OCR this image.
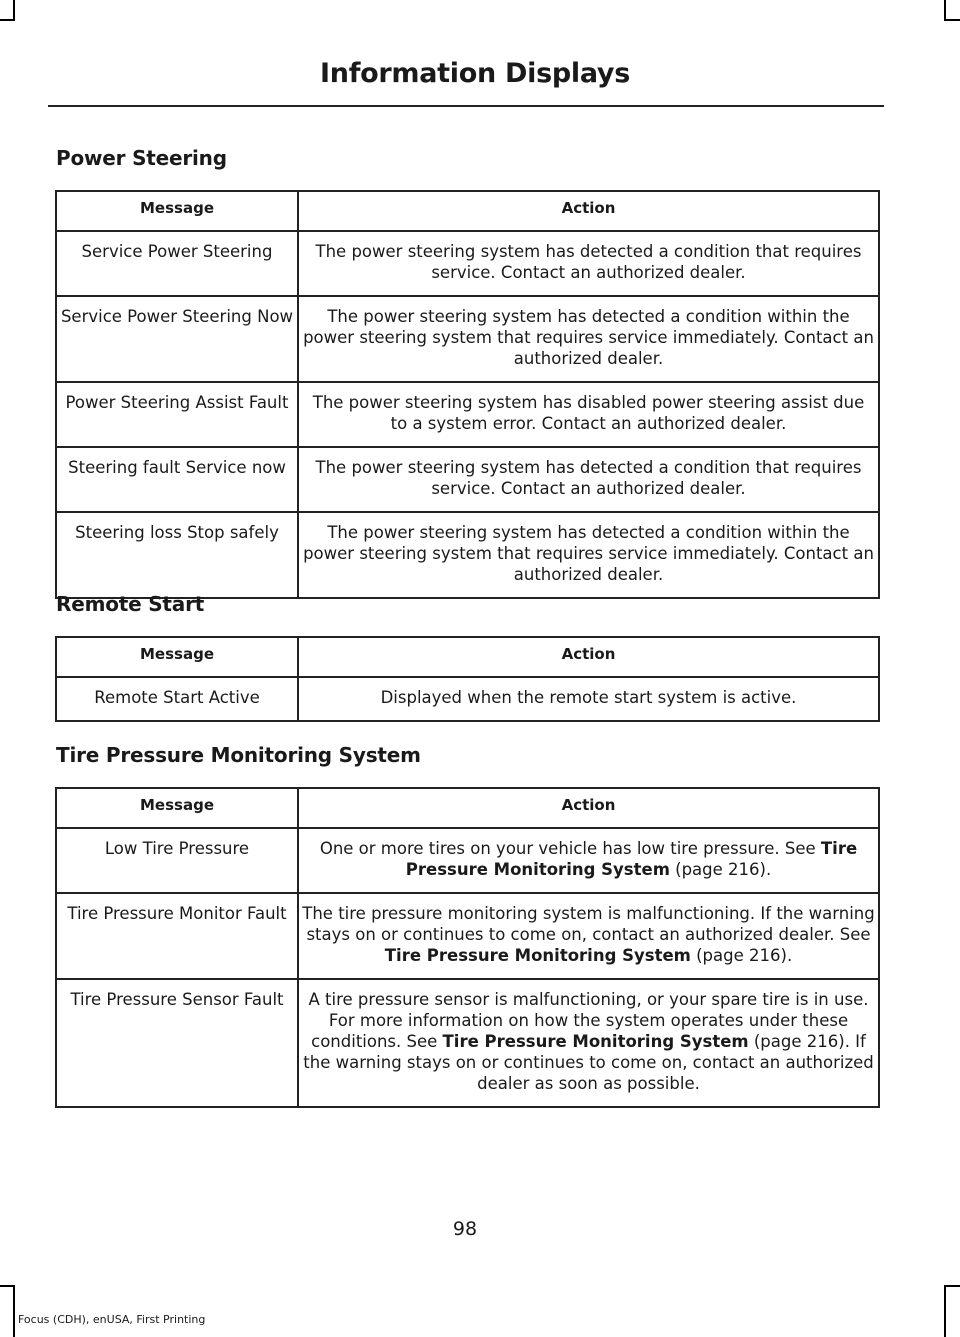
Information Displays
Power Steering
Message	Action
Service Power Steering	The power steering system has detected a condition that requires service. Contact an authorized dealer.
Service Power Steering Now	The power steering system has detected a condition within the power steering system that requires service immediately. Contact an authorized dealer.
Power Steering Assist Fault	The power steering system has disabled power steering assist due to a system error. Contact an authorized dealer.
Steering fault Service now	The power steering system has detected a condition that requires service. Contact an authorized dealer.
Steering loss Stop safely	The power steering system has detected a condition within the power steering system that requires service immediately. Contact an authorized dealer.
Remote Start
Message	Action
Remote Start Active	Displayed when the remote start system is active.
Tire Pressure Monitoring System
Message	Action
Low Tire Pressure	One or more tires on your vehicle has low tire pressure. See Tire Pressure Monitoring System (page 216).
Tire Pressure Monitor Fault	The tire pressure monitoring system is malfunctioning. If the warning stays on or continues to come on, contact an authorized dealer. See Tire Pressure Monitoring System (page 216).
Tire Pressure Sensor Fault	A tire pressure sensor is malfunctioning, or your spare tire is in use. For more information on how the system operates under these conditions. See Tire Pressure Monitoring System (page 216). If the warning stays on or continues to come on, contact an authorized dealer as soon as possible.
98
Focus (CDH), enUSA, First Printing
